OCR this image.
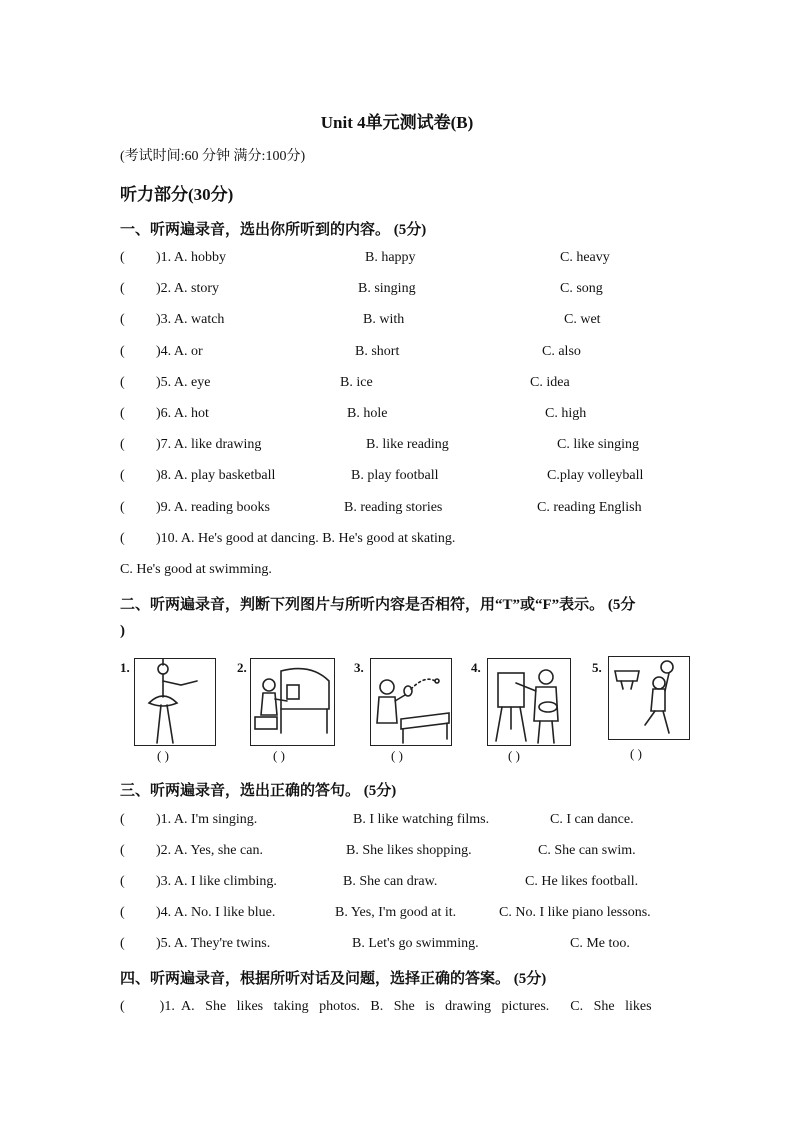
Unit 4单元测试卷(B)
(考试时间:60 分钟 满分:100分)
听力部分(30分)
一、听两遍录音，选出你所听到的内容。 (5分)
( )1. A. hobby	B. happy	C. heavy
( )2. A. story	B. singing	C. song
( )3. A. watch	B. with	C. wet
( )4. A. or	B. short	C. also
( )5. A. eye	B. ice	C. idea
( )6. A. hot	B. hole	C. high
( )7. A. like drawing	B. like reading	C. like singing
( )8. A. play basketball	B. play football	C.play volleyball
( )9. A. reading books	B. reading stories	C. reading English
( )10. A. He's good at dancing. B. He's good at skating.
C. He's good at swimming.
二、听两遍录音，判断下列图片与所听内容是否相符，用“T”或“F”表示。 (5分
)
1.
( )
2.
( )
3.
( )
4.
( )
5.
( )
三、听两遍录音，选出正确的答句。 (5分)
( )1. A. I'm singing.	B. I like watching films.	C. I can dance.
( )2. A. Yes, she can.	B. She likes shopping.	C. She can swim.
( )3. A. I like climbing.	B. She can draw.	C. He likes football.
( )4. A. No. I like blue.	B. Yes, I'm good at it.	C. No. I like piano lessons.
( )5. A. They're twins.	B. Let's go swimming.	C. Me too.
四、听两遍录音，根据所听对话及问题，选择正确的答案。 (5分)
(          )1.  A.   She   likes   taking   photos.   B.   She   is   drawing   pictures.      C.   She   likes
